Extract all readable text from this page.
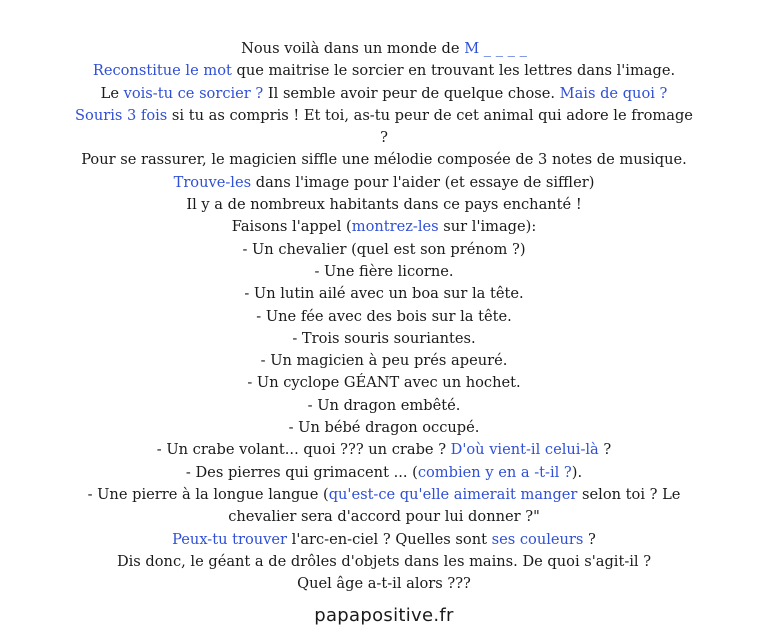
Nous voilà dans un monde de M _ _ _ _
Reconstitue le mot que maitrise le sorcier en trouvant les lettres dans l'image.
Le vois-tu ce sorcier ? Il semble avoir peur de quelque chose. Mais de quoi ?
Souris 3 fois si tu as compris ! Et toi, as-tu peur de cet animal qui adore le fromage
?
Pour se rassurer, le magicien siffle une mélodie composée de 3 notes de musique.
Trouve-les dans l'image pour l'aider (et essaye de siffler)
Il y a de nombreux habitants dans ce pays enchanté !
Faisons l'appel (montrez-les sur l'image):
- Un chevalier (quel est son prénom ?)
- Une fière licorne.
- Un lutin ailé avec un boa sur la tête.
- Une fée avec des bois sur la tête.
- Trois souris souriantes.
- Un magicien à peu prés apeuré.
- Un cyclope GÉANT avec un hochet.
- Un dragon embêté.
- Un bébé dragon occupé.
- Un crabe volant... quoi ??? un crabe ? D'où vient-il celui-là ?
- Des pierres qui grimacent ... (combien y en a -t-il ?).
- Une pierre à la longue langue (qu'est-ce qu'elle aimerait manger selon toi ? Le
chevalier sera d'accord pour lui donner ?"
Peux-tu trouver l'arc-en-ciel ? Quelles sont ses couleurs ?
Dis donc, le géant a de drôles d'objets dans les mains. De quoi s'agit-il ?
Quel âge a-t-il alors ???
papapositive.fr
